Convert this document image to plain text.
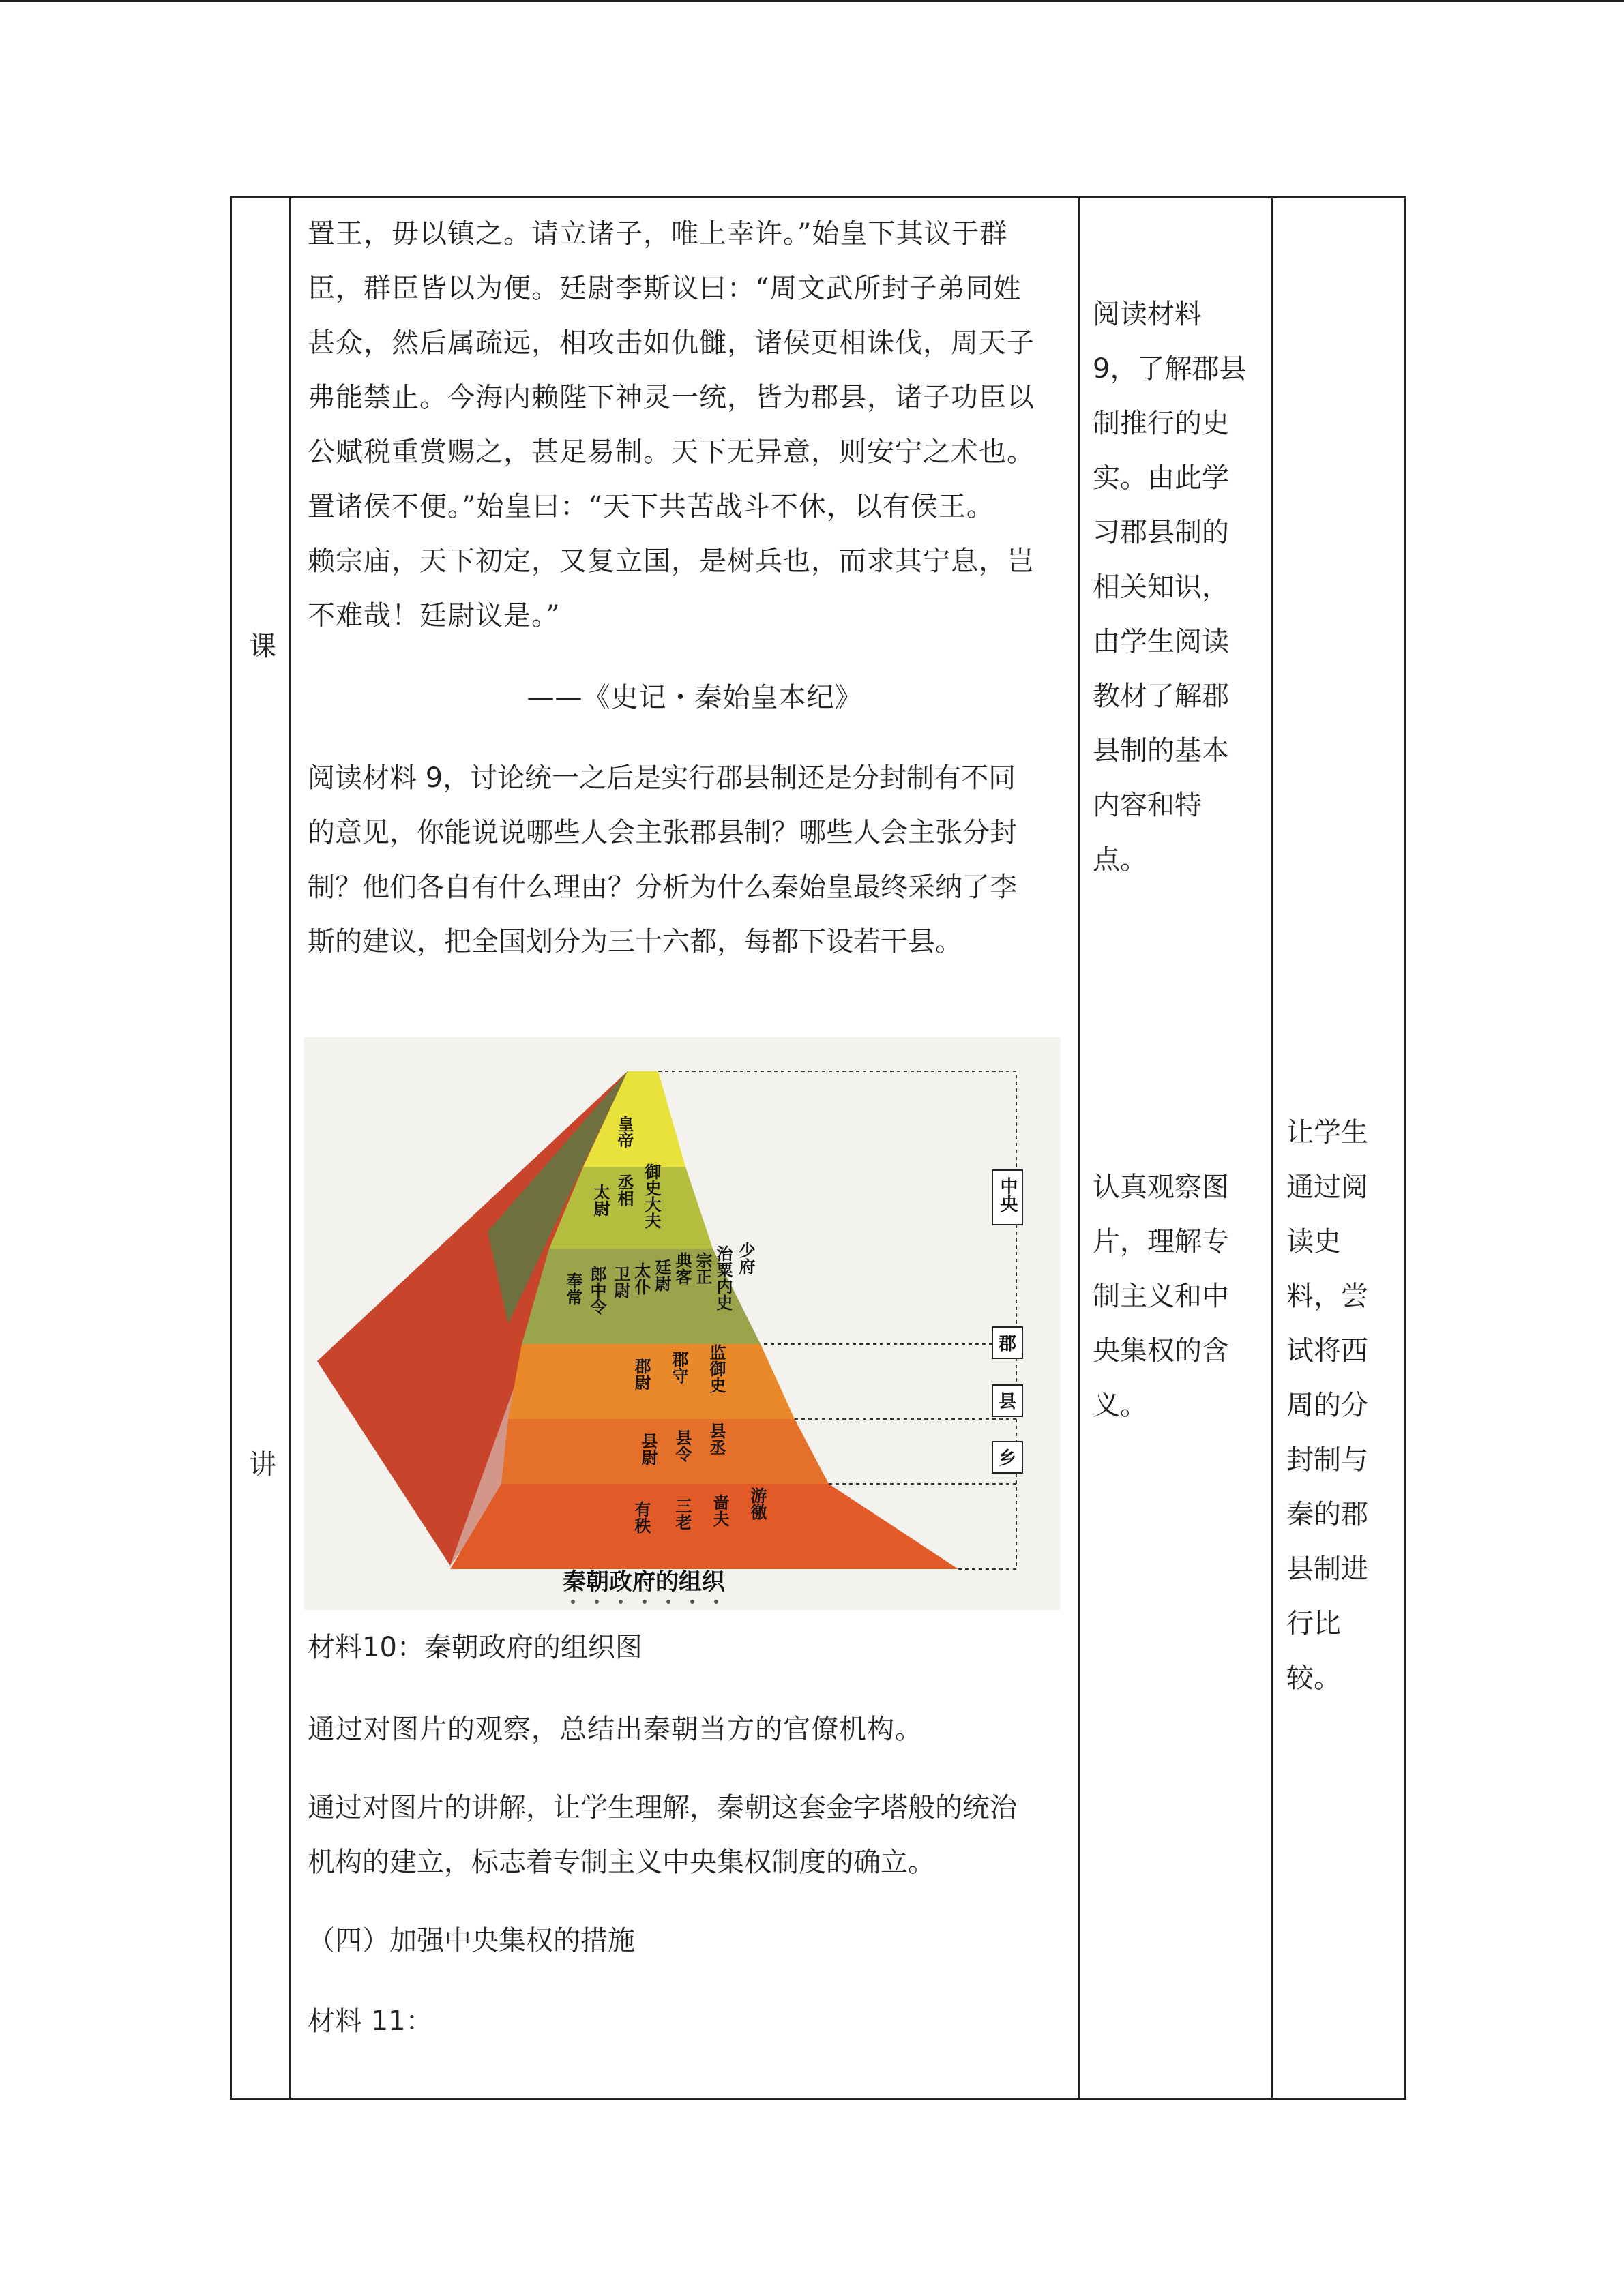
课
讲

置王，毋以镇之。请立诸子，唯上幸许。”始皇下其议于群

臣，群臣皆以为便。廷尉李斯议曰：“周文武所封子弟同姓

甚众，然后属疏远，相攻击如仇雠，诸侯更相诛伐，周天子

弗能禁止。今海内赖陛下神灵一统，皆为郡县，诸子功臣以

公赋税重赏赐之，甚足易制。天下无异意，则安宁之术也。

置诸侯不便。”始皇曰：“天下共苦战斗不休，以有侯王。

赖宗庙，天下初定，又复立国，是树兵也，而求其宁息，岂

不难哉！廷尉议是。”

——《史记・秦始皇本纪》

阅读材料 9，讨论统一之后是实行郡县制还是分封制有不同

的意见，你能说说哪些人会主张郡县制？哪些人会主张分封

制？他们各自有什么理由？分析为什么秦始皇最终采纳了李

斯的建议，把全国划分为三十六都，每都下设若干县。

皇帝
太尉 丞相 御史大夫
奉常 郎中令 卫尉 太仆 廷尉 典客 宗正 治粟内史 少府
郡尉 郡守 监御史
县尉 县令 县丞
有秩 三老 啬夫 游徼
中央
郡
县
乡
秦朝政府的组织

材料10：秦朝政府的组织图

通过对图片的观察，总结出秦朝当方的官僚机构。

通过对图片的讲解，让学生理解，秦朝这套金字塔般的统治

机构的建立，标志着专制主义中央集权制度的确立。

（四）加强中央集权的措施

材料 11：

阅读材料
9，了解郡县
制推行的史
实。由此学
习郡县制的
相关知识，
由学生阅读
教材了解郡
县制的基本
内容和特
点。
认真观察图
片，理解专
制主义和中
央集权的含
义。
让学生
通过阅
读史
料，尝
试将西
周的分
封制与
秦的郡
县制进
行比
较。
